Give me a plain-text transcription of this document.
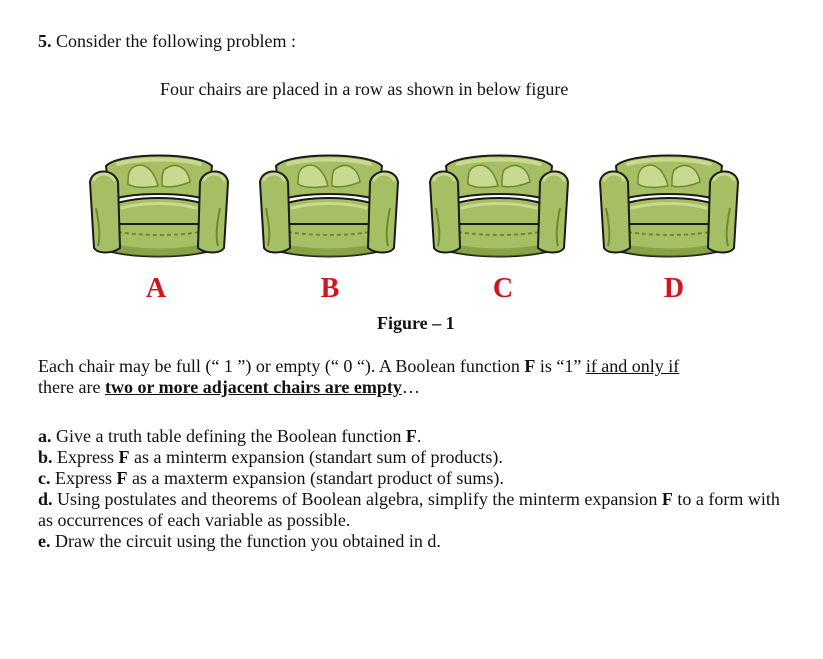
5. Consider the following problem :
Four chairs are placed in a row as shown in below figure
A	B	C	D
Figure – 1
Each chair may be full (“ 1 ”) or empty (“ 0 “). A Boolean function F is “1” if and only if
there are two or more adjacent chairs are empty…
a. Give a truth table defining the Boolean function F.
b. Express F as a minterm expansion (standart sum of products).
c. Express F as a maxterm expansion (standart product of sums).
d. Using postulates and theorems of Boolean algebra, simplify the minterm expansion F to a form with as occurrences of each variable as possible.
e. Draw the circuit using the function you obtained in d.
